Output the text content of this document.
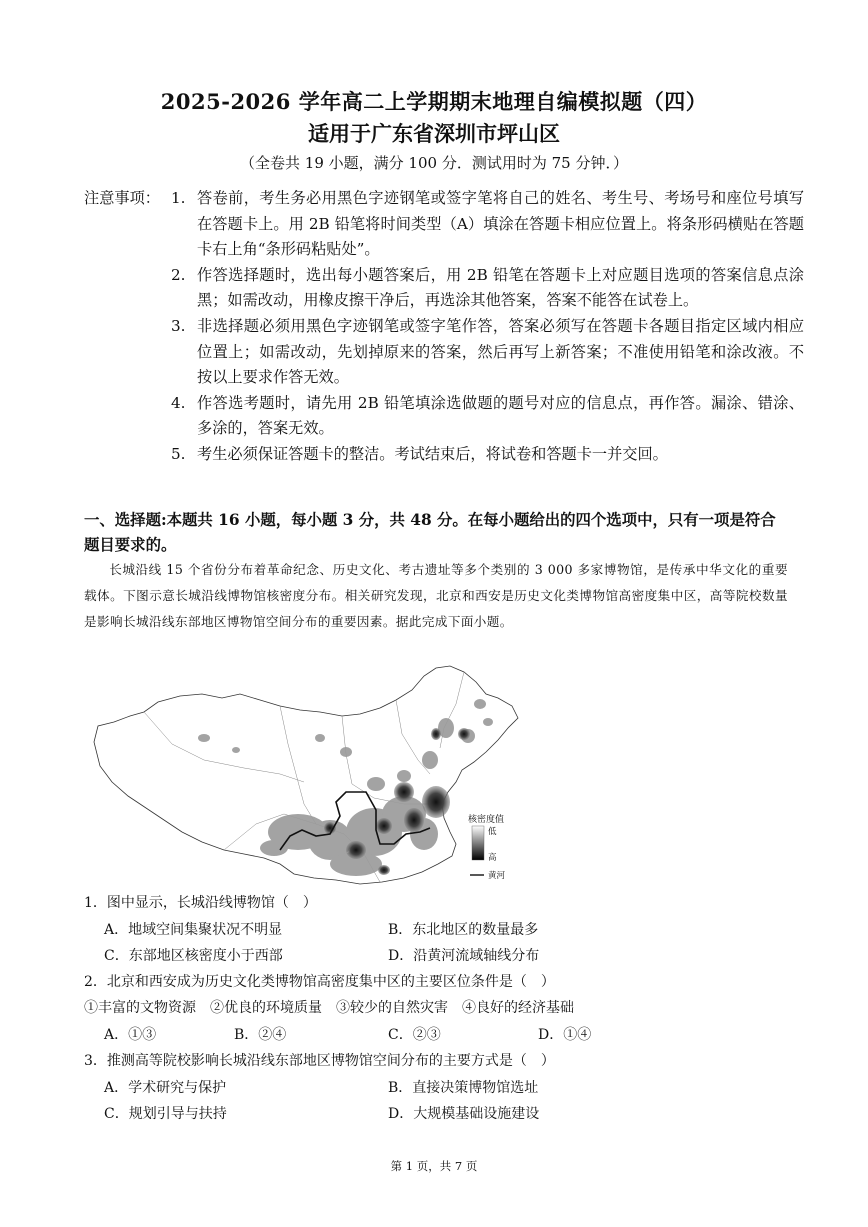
2025-2026 学年高二上学期期末地理自编模拟题（四）
适用于广东省深圳市坪山区
（全卷共 19 小题，满分 100 分．测试用时为 75 分钟．）
注意事项： 1. 答卷前，考生务必用黑色字迹钢笔或签字笔将自己的姓名、考生号、考场号和座位号填写在答题卡上。用 2B 铅笔将时间类型（A）填涂在答题卡相应位置上。将条形码横贴在答题卡右上角“条形码粘贴处”。
2. 作答选择题时，选出每小题答案后，用 2B 铅笔在答题卡上对应题目选项的答案信息点涂黑；如需改动，用橡皮擦干净后，再选涂其他答案，答案不能答在试卷上。
3. 非选择题必须用黑色字迹钢笔或签字笔作答，答案必须写在答题卡各题目指定区域内相应位置上；如需改动，先划掉原来的答案，然后再写上新答案；不准使用铅笔和涂改液。不按以上要求作答无效。
4. 作答选考题时，请先用 2B 铅笔填涂选做题的题号对应的信息点，再作答。漏涂、错涂、多涂的，答案无效。
5. 考生必须保证答题卡的整洁。考试结束后，将试卷和答题卡一并交回。
一、选择题:本题共 16 小题，每小题 3 分，共 48 分。在每小题给出的四个选项中，只有一项是符合题目要求的。

长城沿线 15 个省份分布着革命纪念、历史文化、考古遗址等多个类别的 3 000 多家博物馆，是传承中华文化的重要载体。下图示意长城沿线博物馆核密度分布。相关研究发现，北京和西安是历史文化类博物馆高密度集中区，高等院校数量是影响长城沿线东部地区博物馆空间分布的重要因素。据此完成下面小题。

核密度值
低
高
黄河
1．图中显示，长城沿线博物馆（　）
A．地域空间集聚状况不明显	B．东北地区的数量最多
C．东部地区核密度小于西部	D．沿黄河流域轴线分布
2．北京和西安成为历史文化类博物馆高密度集中区的主要区位条件是（　）
①丰富的文物资源　②优良的环境质量　③较少的自然灾害　④良好的经济基础
A．①③	B．②④	C．②③	D．①④
3．推测高等院校影响长城沿线东部地区博物馆空间分布的主要方式是（　）
A．学术研究与保护	B．直接决策博物馆选址
C．规划引导与扶持	D．大规模基础设施建设
第 1 页，共 7 页
